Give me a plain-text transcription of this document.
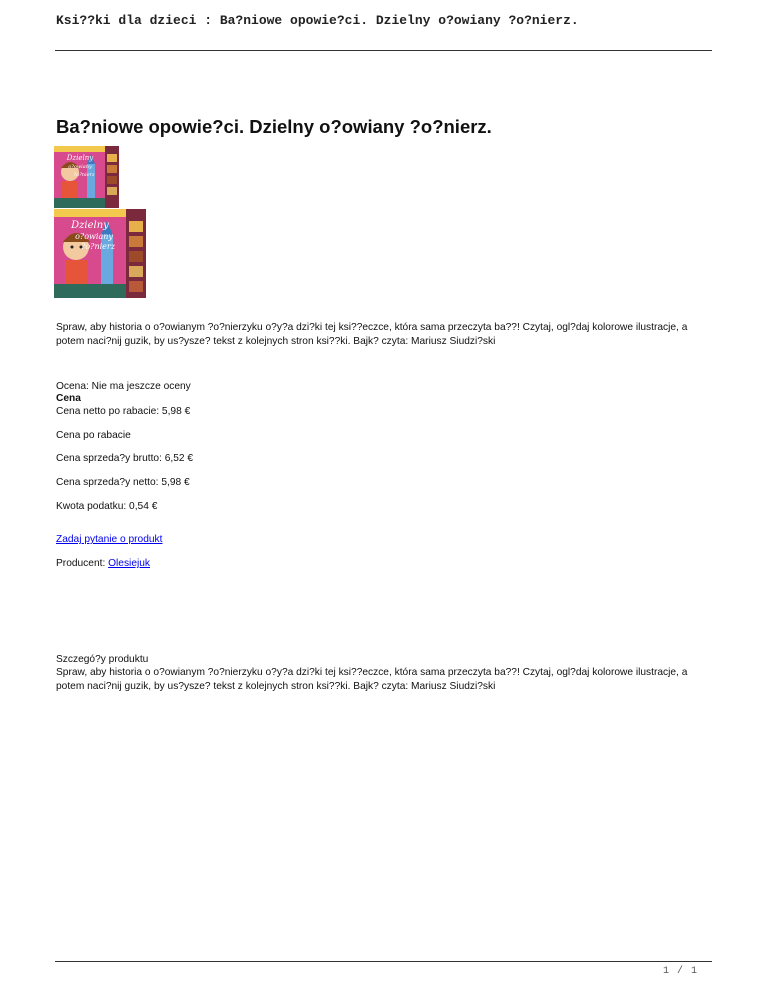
Ksi??ki dla dzieci : Ba?niowe opowie?ci. Dzielny o?owiany ?o?nierz.
Ba?niowe opowie?ci. Dzielny o?owiany ?o?nierz.
Dzielny
o?owiany
?o?nierz
Dzielny
o?owiany
?o?nierz
Spraw, aby historia o o?owianym ?o?nierzyku o?y?a dzi?ki tej ksi??eczce, która sama przeczyta ba??! Czytaj, ogl?daj kolorowe ilustracje, a potem naci?nij guzik, by us?ysze? tekst z kolejnych stron ksi??ki. Bajk? czyta: Mariusz Siudzi?ski
Ocena: Nie ma jeszcze oceny
Cena
Cena netto po rabacie: 5,98 €
Cena po rabacie
Cena sprzeda?y brutto: 6,52 €
Cena sprzeda?y netto: 5,98 €
Kwota podatku: 0,54 €
Zadaj pytanie o produkt
Producent: Olesiejuk
Szczegó?y produktu
Spraw, aby historia o o?owianym ?o?nierzyku o?y?a dzi?ki tej ksi??eczce, która sama przeczyta ba??! Czytaj, ogl?daj kolorowe ilustracje, a potem naci?nij guzik, by us?ysze? tekst z kolejnych stron ksi??ki. Bajk? czyta: Mariusz Siudzi?ski
1 / 1
